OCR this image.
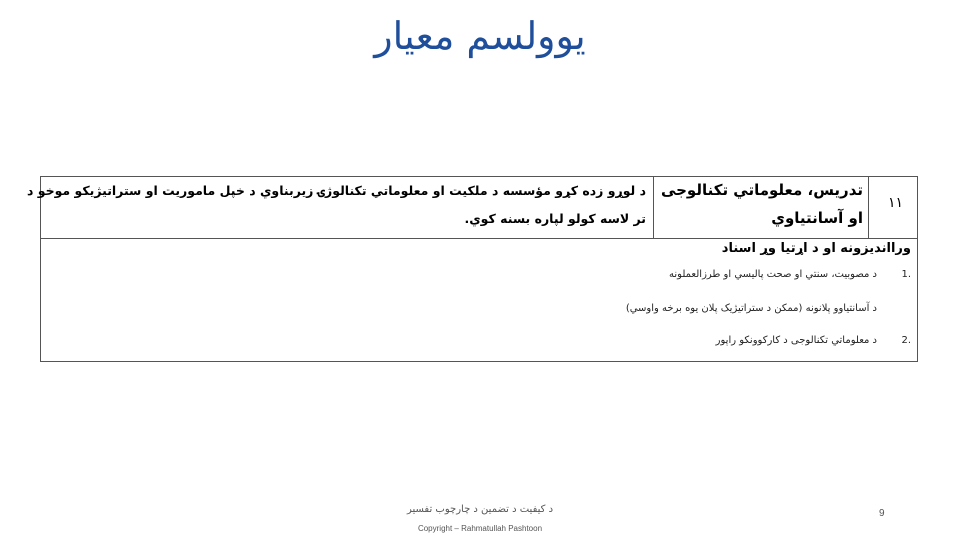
یوولسم معیار
۱۱
تدریس، معلوماتي تکنالوجی
او آسانتیاوي
د لوړو زده کړو مؤسسه د ملکیت او معلوماتي تکنالوژۍ زیربناوي د خپل ماموریت او ستراتیژیکو موخو د
تر لاسه کولو لپاره بسنه کوي.
ورااندیزونه او د اړتیا وړ اسناد
.1د مصوبیت، سنتي او صحت پالیسي او طرزالعملونه
د آسانتیاوو پلانونه (ممکن د ستراتیژیک پلان یوه برخه واوسي)
.2د معلوماتي تکنالوجی د کارکوونکو راپور
د کیفیت د تضمین د چارچوب تفسیر
Copyright – Rahmatullah Pashtoon
9
